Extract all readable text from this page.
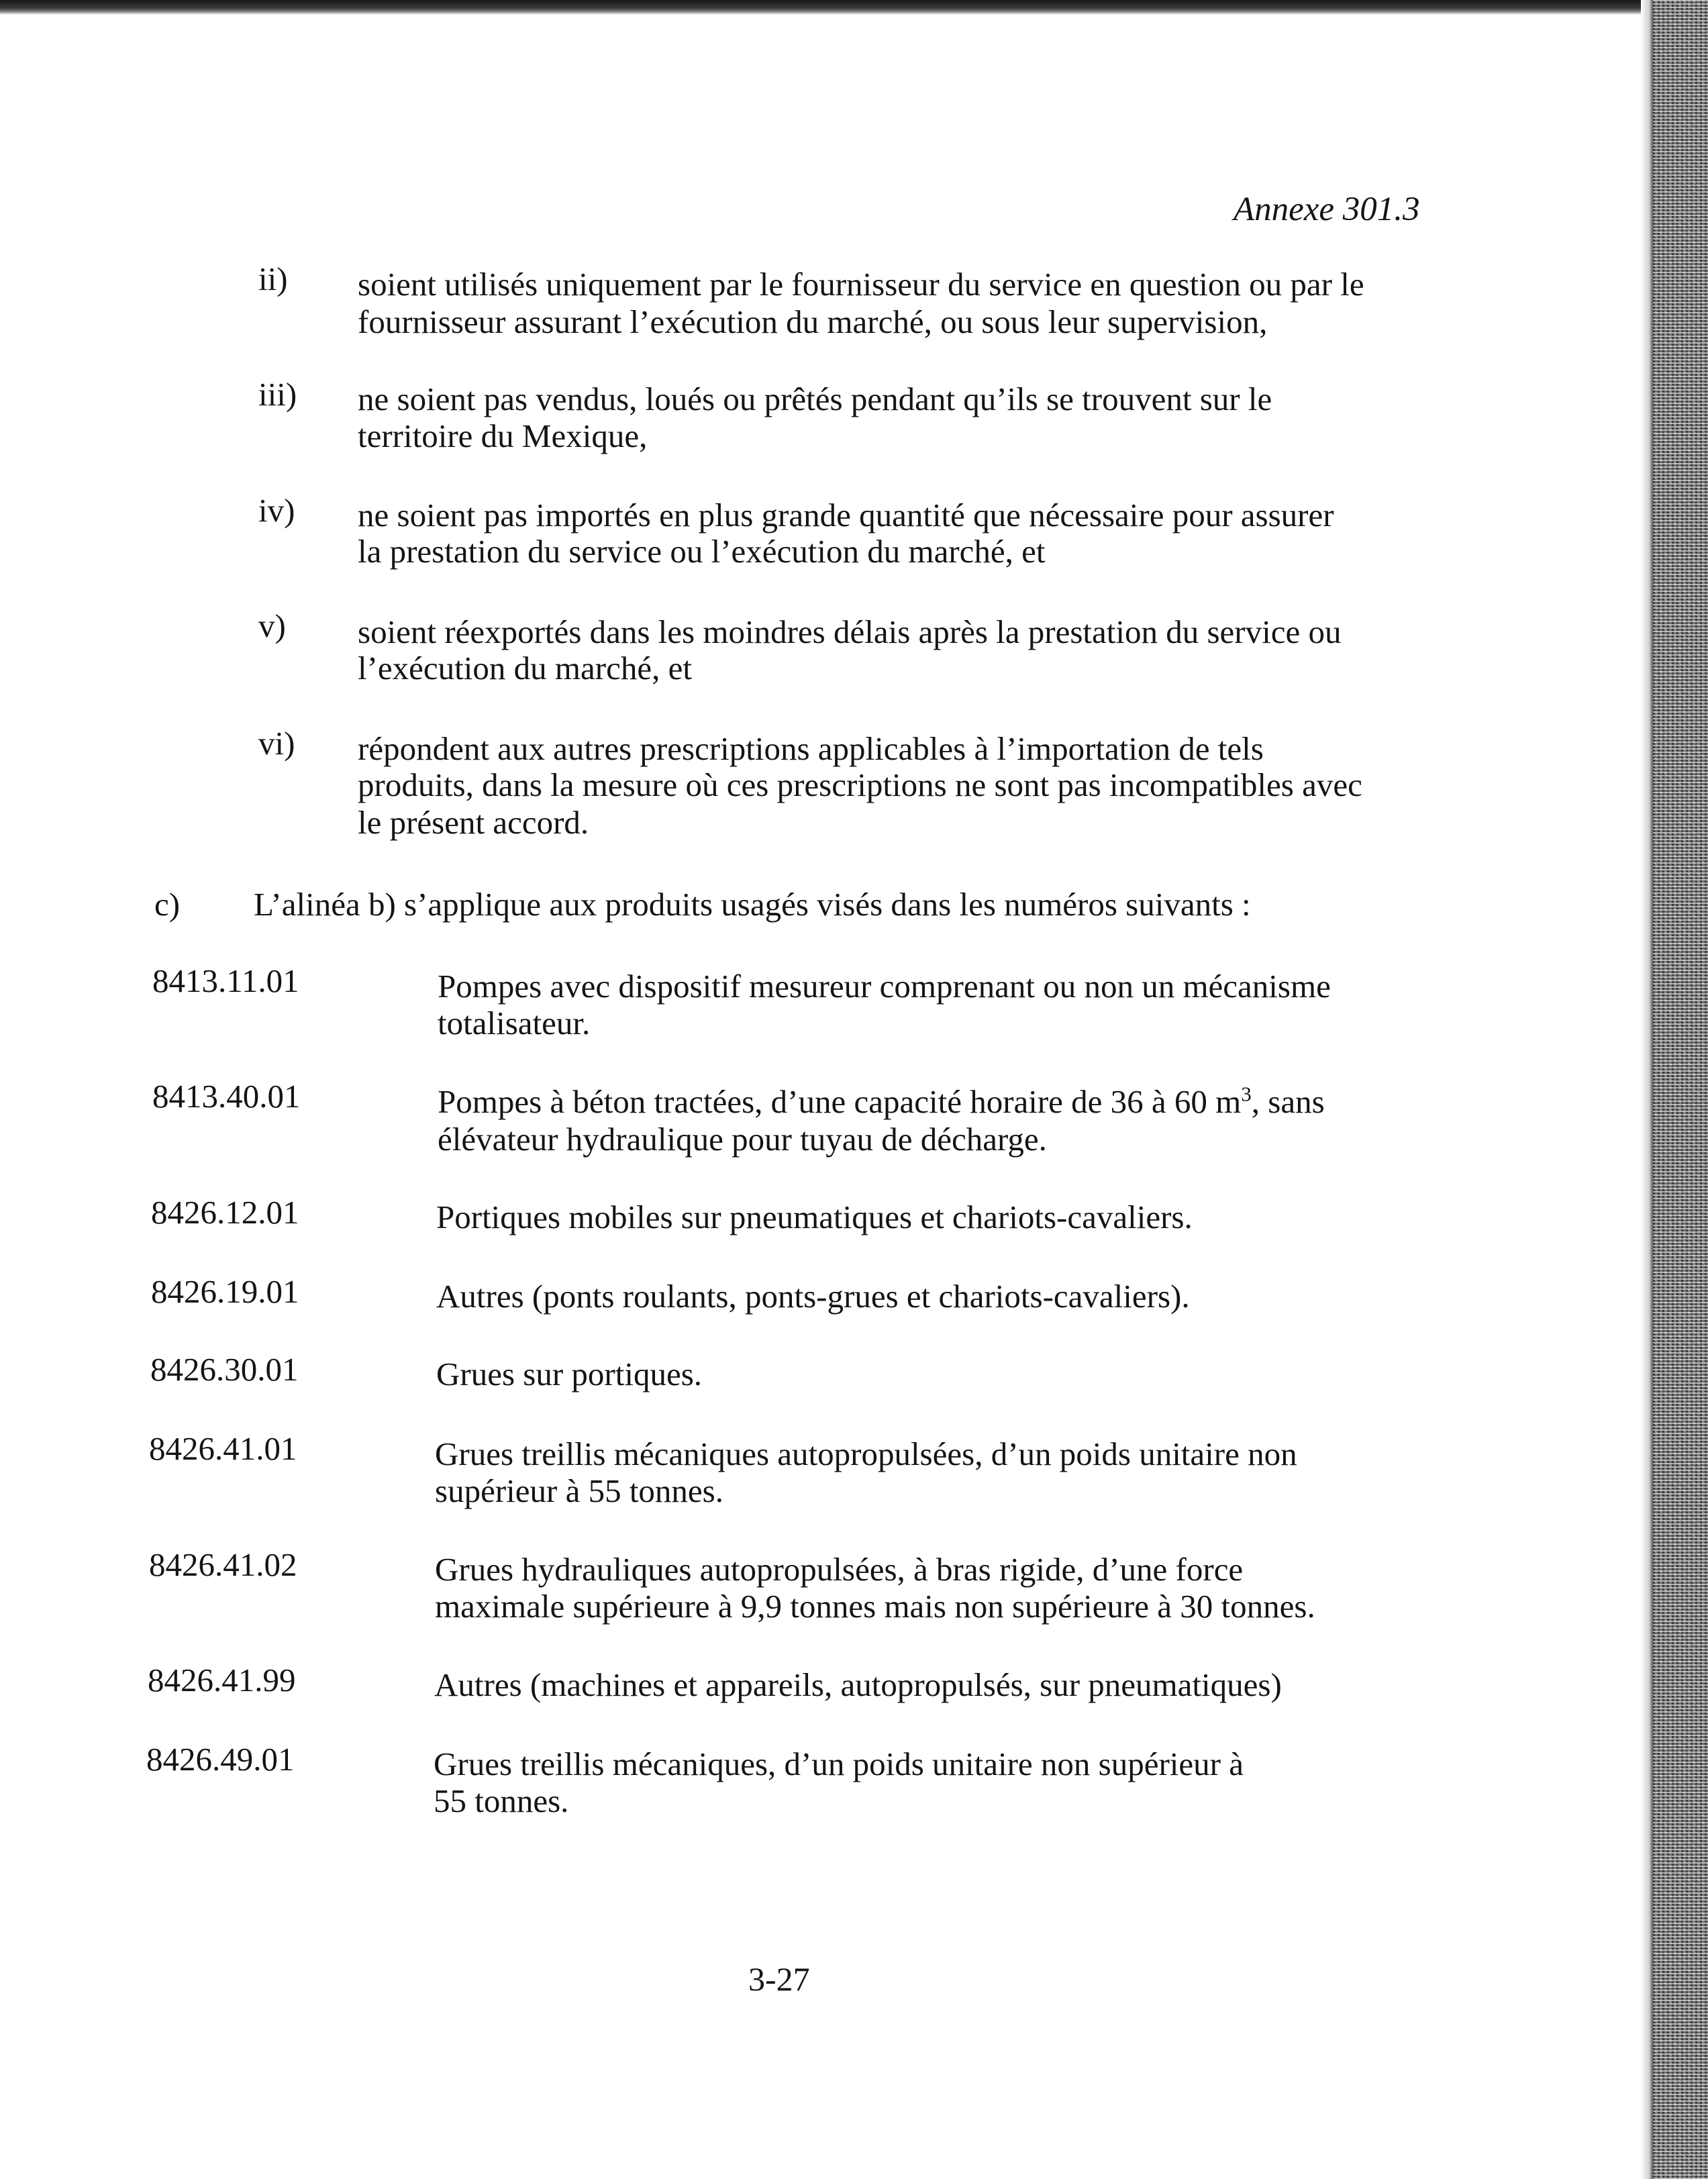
Annexe 301.3
ii) soient utilisés uniquement par le fournisseur du service en question ou par le
fournisseur assurant l’exécution du marché, ou sous leur supervision,
iii) ne soient pas vendus, loués ou prêtés pendant qu’ils se trouvent sur le
territoire du Mexique,
iv) ne soient pas importés en plus grande quantité que nécessaire pour assurer
la prestation du service ou l’exécution du marché, et
v) soient réexportés dans les moindres délais après la prestation du service ou
l’exécution du marché, et
vi) répondent aux autres prescriptions applicables à l’importation de tels
produits, dans la mesure où ces prescriptions ne sont pas incompatibles avec
le présent accord.
c) L’alinéa b) s’applique aux produits usagés visés dans les numéros suivants :
8413.11.01	Pompes avec dispositif mesureur comprenant ou non un mécanisme
totalisateur.
8413.40.01	Pompes à béton tractées, d’une capacité horaire de 36 à 60 $m^3$, sans
élévateur hydraulique pour tuyau de décharge.
8426.12.01	Portiques mobiles sur pneumatiques et chariots-cavaliers.
8426.19.01	Autres (ponts roulants, ponts-grues et chariots-cavaliers).
8426.30.01	Grues sur portiques.
8426.41.01	Grues treillis mécaniques autopropulsées, d’un poids unitaire non
supérieur à 55 tonnes.
8426.41.02	Grues hydrauliques autopropulsées, à bras rigide, d’une force
maximale supérieure à 9,9 tonnes mais non supérieure à 30 tonnes.
8426.41.99	Autres (machines et appareils, autopropulsés, sur pneumatiques)
8426.49.01	Grues treillis mécaniques, d’un poids unitaire non supérieur à
55 tonnes.
3-27
